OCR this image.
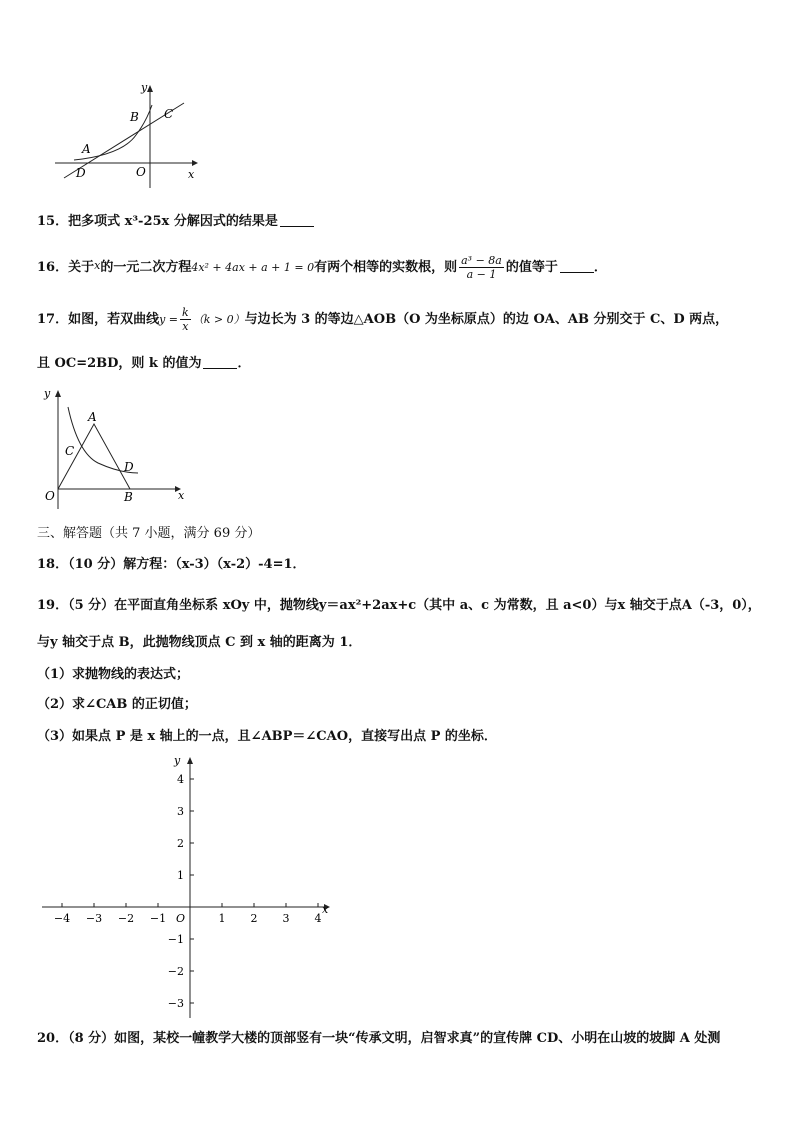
y
B C
A
D	O	x
15．把多项式 x³-25x 分解因式的结果是
16．关于x的一元二次方程4x² + 4ax + a + 1 = 0有两个相等的实数根，则 $\frac{\text{a³ − 8a}}{a - 1}$ 的值等于	．
17．如图，若双曲线$y = \frac{k}{x} (k > 0)$与边长为 3 的等边△AOB（O 为坐标原点）的边 OA、AB 分别交于 C、D 两点，
且 OC=2BD，则 k 的值为	．
y
A
C
D
O	B	x
三、解答题（共 7 小题，满分 69 分）
18．（10 分）解方程：（x-3）（x-2）-4=1．
19．（5 分）在平面直角坐标系 xOy 中，抛物线y＝ax²+2ax+c（其中 a、c 为常数，且 a<0）与x 轴交于点A（-3，0），
与y 轴交于点 B，此抛物线顶点 C 到 x 轴的距离为 1．
（1）求抛物线的表达式；
（2）求∠CAB 的正切值；
（3）如果点 P 是 x 轴上的一点，且∠ABP＝∠CAO，直接写出点 P 的坐标．
−4 −3 −2 −1	1 2 3 4
4
3
2
1
−1
−2
−3
O
x
y
20．（8 分）如图，某校一幢教学大楼的顶部竖有一块“传承文明，启智求真”的宣传牌 CD、小明在山坡的坡脚 A 处测
